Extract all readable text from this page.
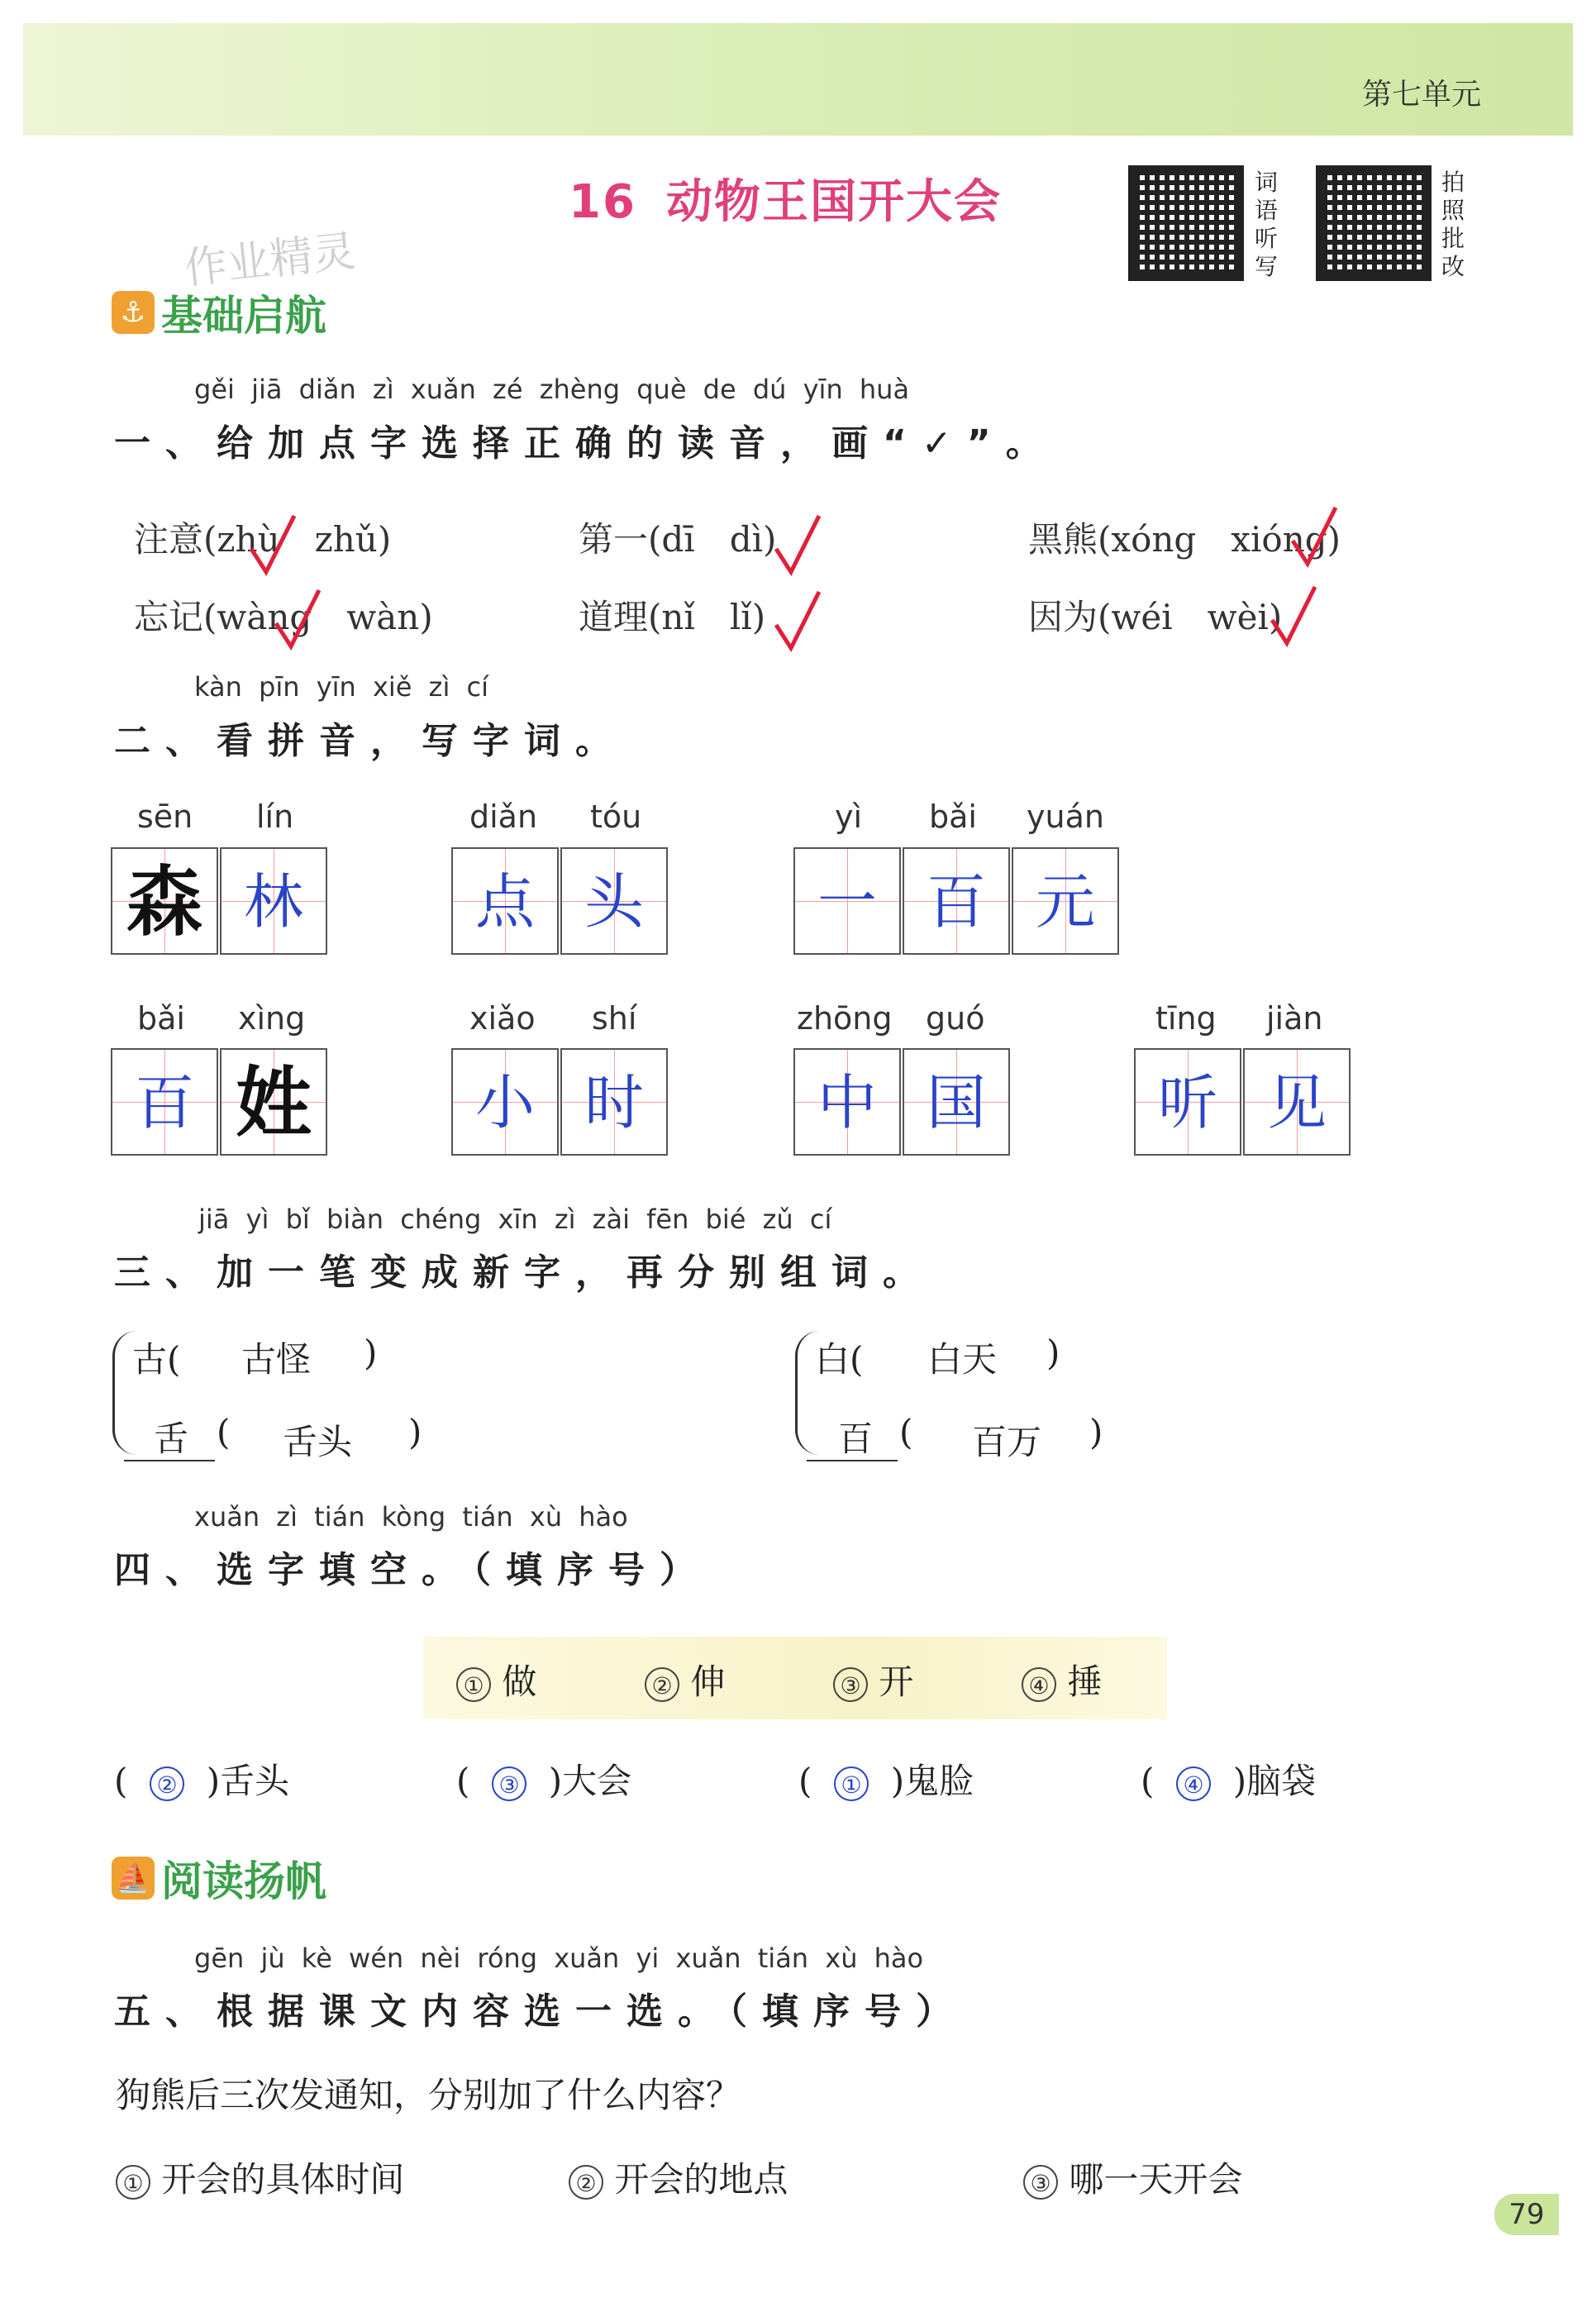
第七单元
16 动物王国开大会	词
语
听
写
拍
照
批
改
作业精灵
⚓ 基础启航
gěi jiā diǎn zì xuǎn zé zhèng què de dú yīn huà
一、给加点字选择正确的读音，画“✓”。
注意(zhù　zhǔ)	第一(dī　dì)	黑熊(xóng　xióng)
忘记(wàng　wàn)	道理(nǐ　lǐ)	因为(wéi　wèi)
kàn pīn yīn xiě zì cí
二、看拼音，写字词。
sēn lín
森 林
diǎn tóu
点 头
yì bǎi yuán
一 百 元
bǎi xìng
百 姓
xiǎo shí
小 时
zhōng guó
中 国
tīng jiàn
听 见
jiā yì bǐ biàn chéng xīn zì zài fēn bié zǔ cí
三、加一笔变成新字，再分别组词。
古( 古怪 )
舌 ( 舌头 )
白( 白天 )
百 ( 百万 )
xuǎn zì tián kòng tián xù hào
四、选字填空。（填序号）
① 做	② 伸	③ 开	④ 捶
(  ② )舌头	(  ③ )大会	(  ① )鬼脸	(  ④ )脑袋
⛵ 阅读扬帆
gēn jù kè wén nèi róng xuǎn yi xuǎn tián xù hào
五、根据课文内容选一选。（填序号）
狗熊后三次发通知，分别加了什么内容？
① 开会的具体时间	② 开会的地点	③ 哪一天开会
79
